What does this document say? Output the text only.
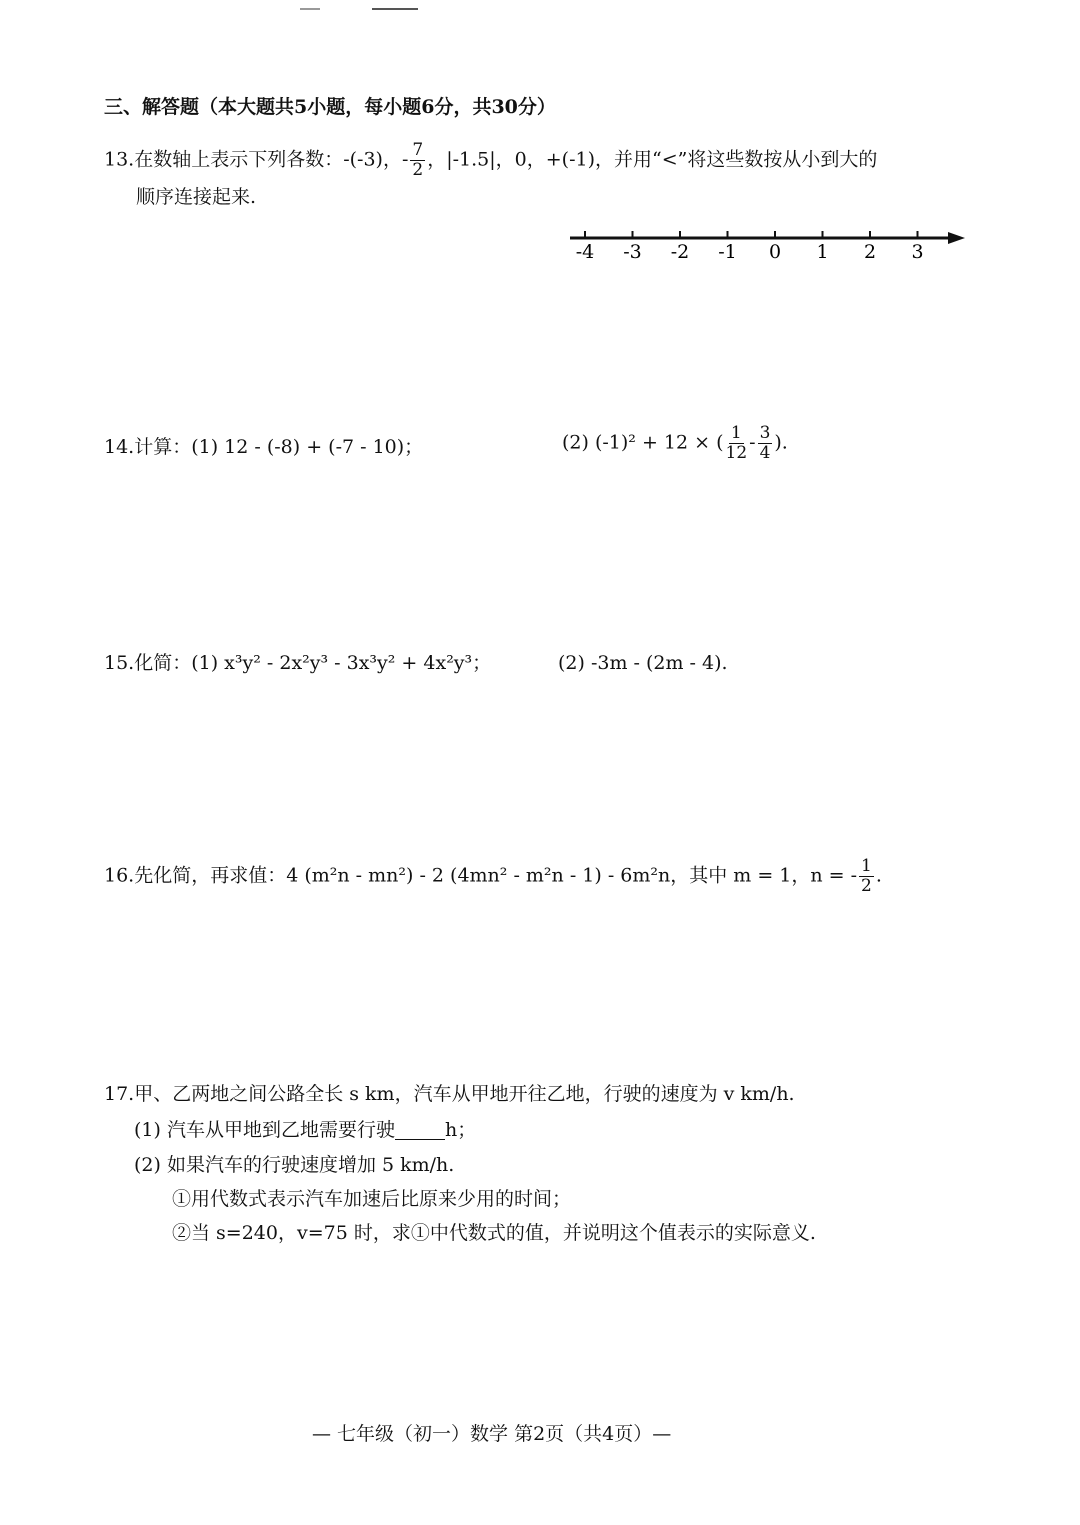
三、解答题（本大题共5小题，每小题6分，共30分）
13.在数轴上表示下列各数：-(-3)，- $\frac{7}{2}$ ，|-1.5|，0，+(-1)，并用“<”将这些数按从小到大的
顺序连接起来.
-4 -3 -2 -1 0 1 2 3
14.计算：(1) 12 - (-8) + (-7 - 10)；	(2) (-1)² + 12 × ( $\frac{1}{12} - \frac{3}{4}$ ).
15.化简：(1) x³y² - 2x²y³ - 3x³y² + 4x²y³；	(2) -3m - (2m - 4).
16.先化简，再求值：4 (m²n - mn²) - 2 (4mn² - m²n - 1) - 6m²n，其中 m = 1，n = - $\frac{1}{2}$ .
17.甲、乙两地之间公路全长 s km，汽车从甲地开往乙地，行驶的速度为 v km/h.
(1) 汽车从甲地到乙地需要行驶	h；
(2) 如果汽车的行驶速度增加 5 km/h.
①用代数式表示汽车加速后比原来少用的时间；
②当 s=240，v=75 时，求①中代数式的值，并说明这个值表示的实际意义.
— 七年级（初一）数学 第2页（共4页）—
